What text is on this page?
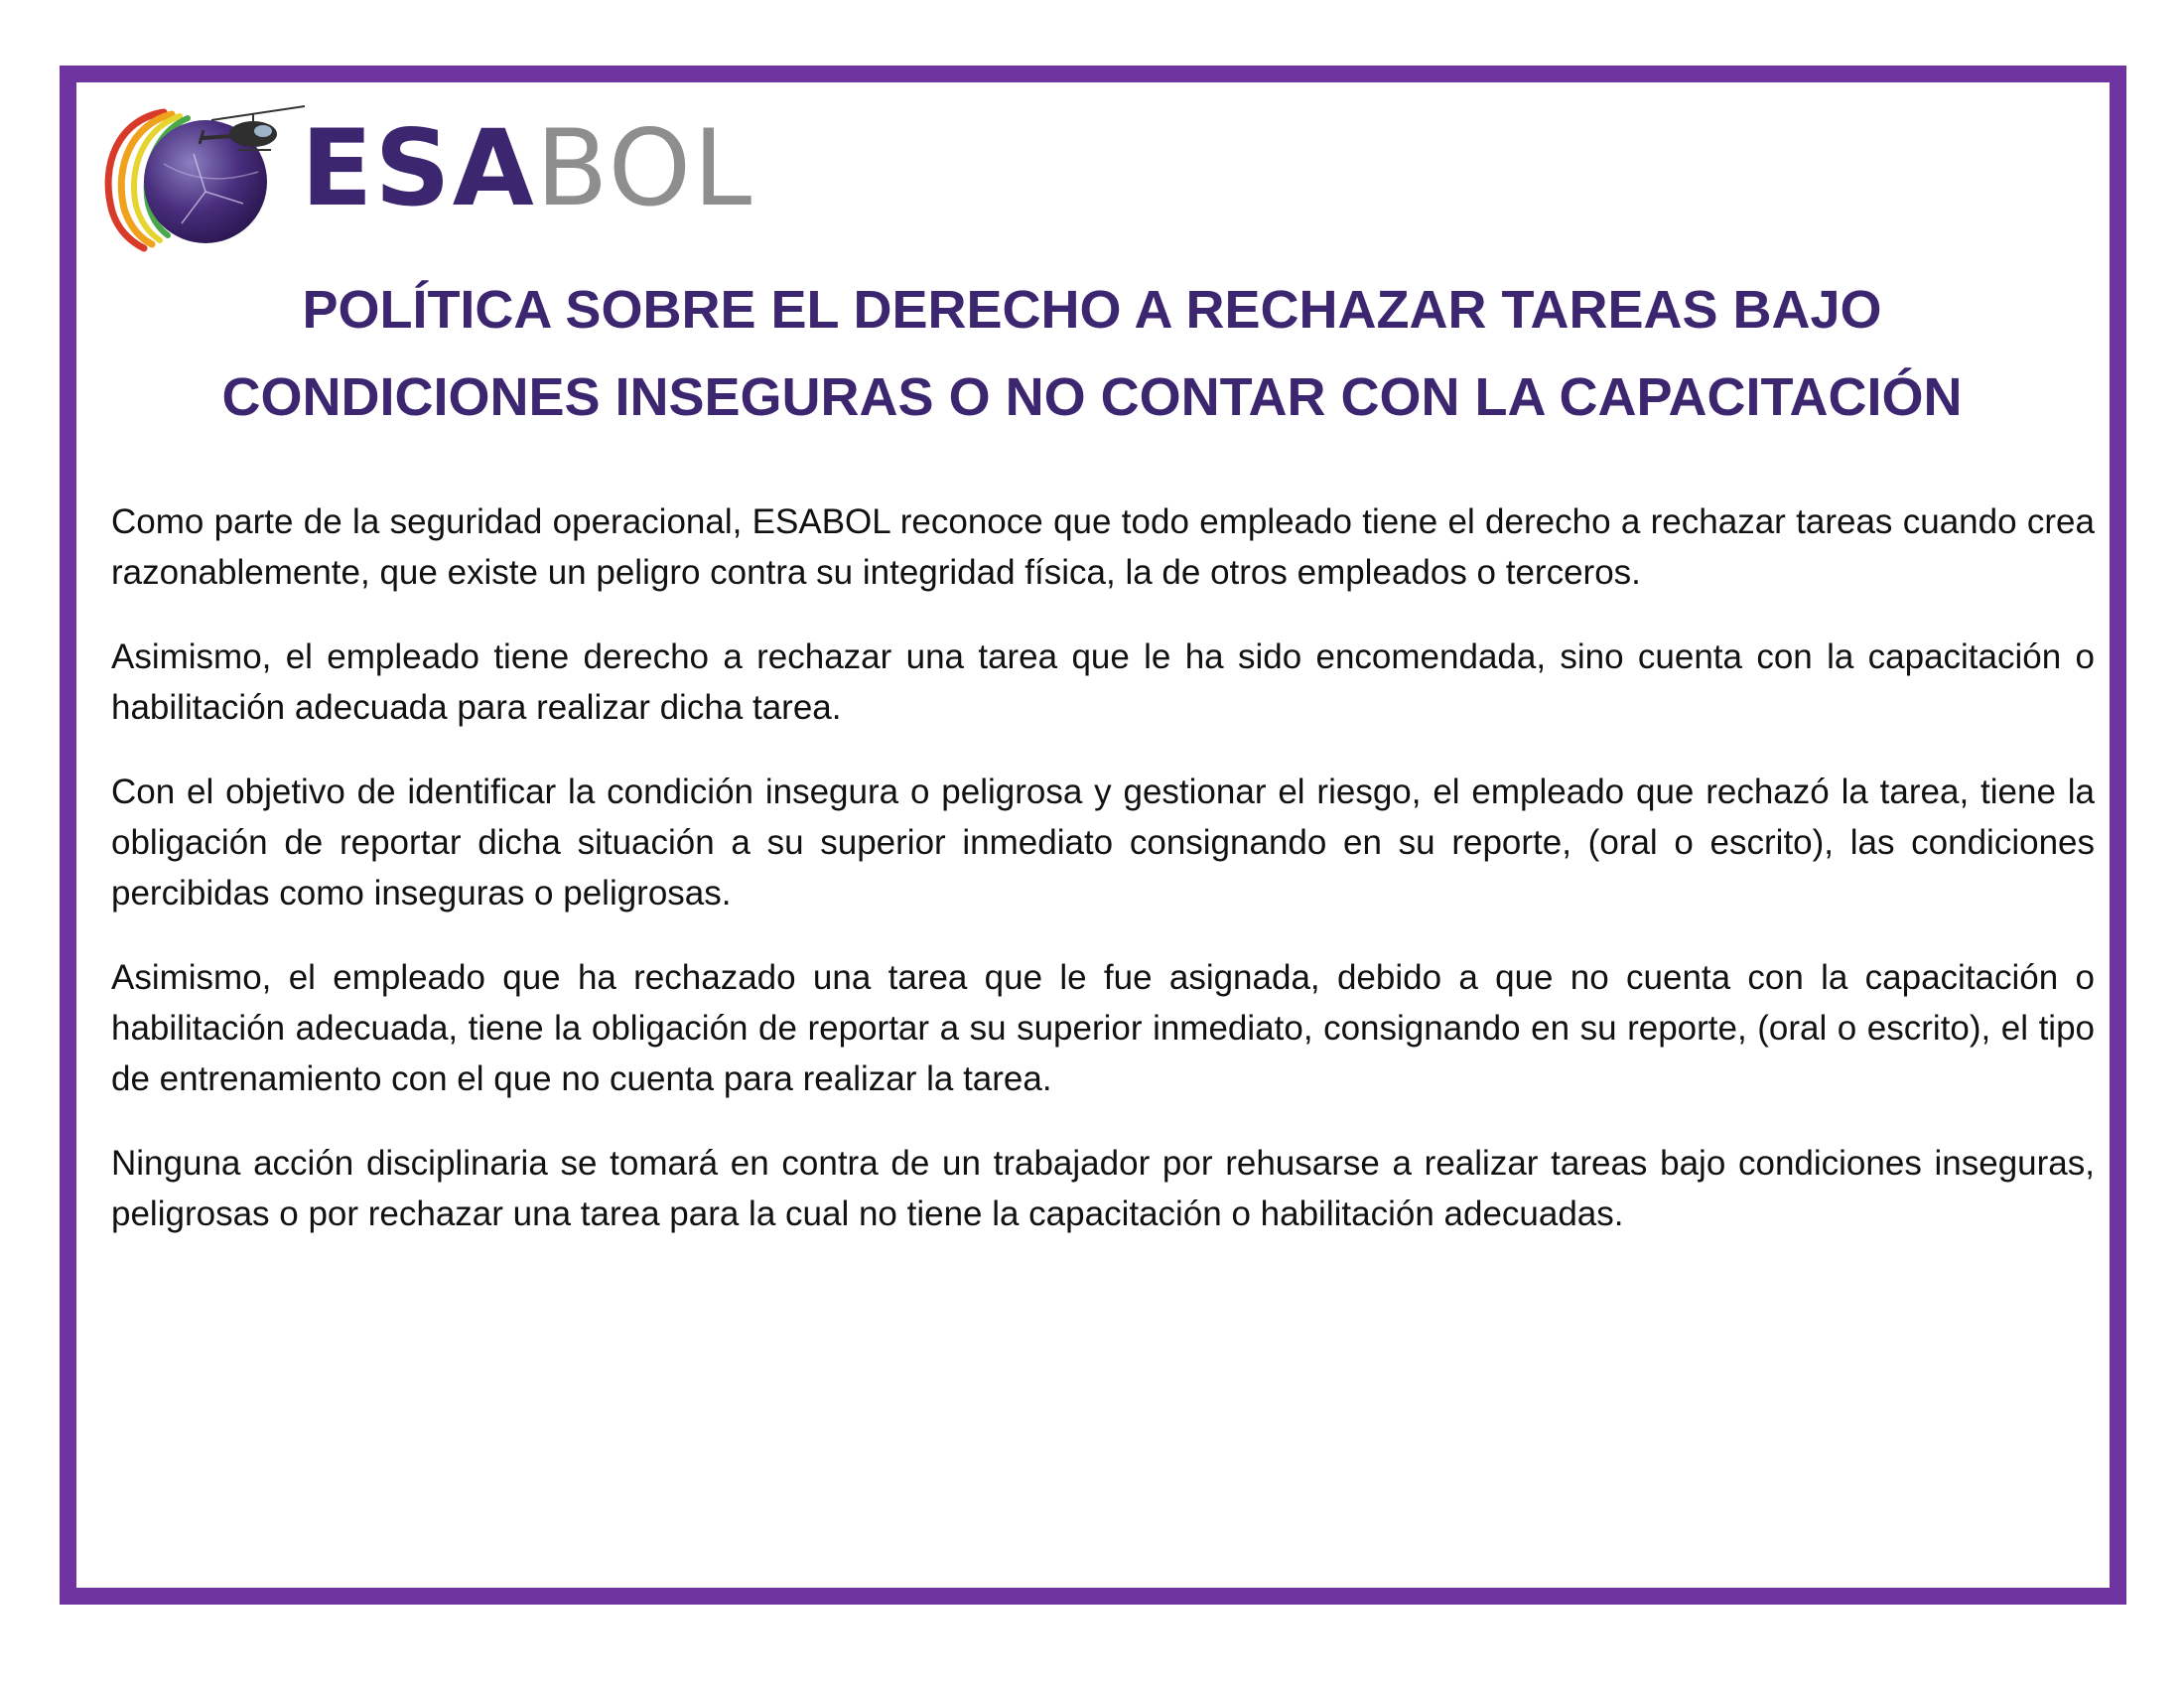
ESABOL
POLÍTICA SOBRE EL DERECHO A RECHAZAR TAREAS BAJO
CONDICIONES INSEGURAS O NO CONTAR CON LA CAPACITACIÓN

Como parte de la seguridad operacional, ESABOL reconoce que todo empleado tiene el derecho a rechazar tareas cuando crea razonablemente, que existe un peligro contra su integridad física, la de otros empleados o terceros.

Asimismo, el empleado tiene derecho a rechazar una tarea que le ha sido encomendada, sino cuenta con la capacitación o habilitación adecuada para realizar dicha tarea.

Con el objetivo de identificar la condición insegura o peligrosa y gestionar el riesgo, el empleado que rechazó la tarea, tiene la obligación de reportar dicha situación a su superior inmediato consignando en su reporte, (oral o escrito), las condiciones percibidas como inseguras o peligrosas.

Asimismo, el empleado que ha rechazado una tarea que le fue asignada, debido a que no cuenta con la capacitación o habilitación adecuada, tiene la obligación de reportar a su superior inmediato, consignando en su reporte, (oral o escrito), el tipo de entrenamiento con el que no cuenta para realizar la tarea.

Ninguna acción disciplinaria se tomará en contra de un trabajador por rehusarse a realizar tareas bajo condiciones inseguras, peligrosas o por rechazar una tarea para la cual no tiene la capacitación o habilitación adecuadas.
